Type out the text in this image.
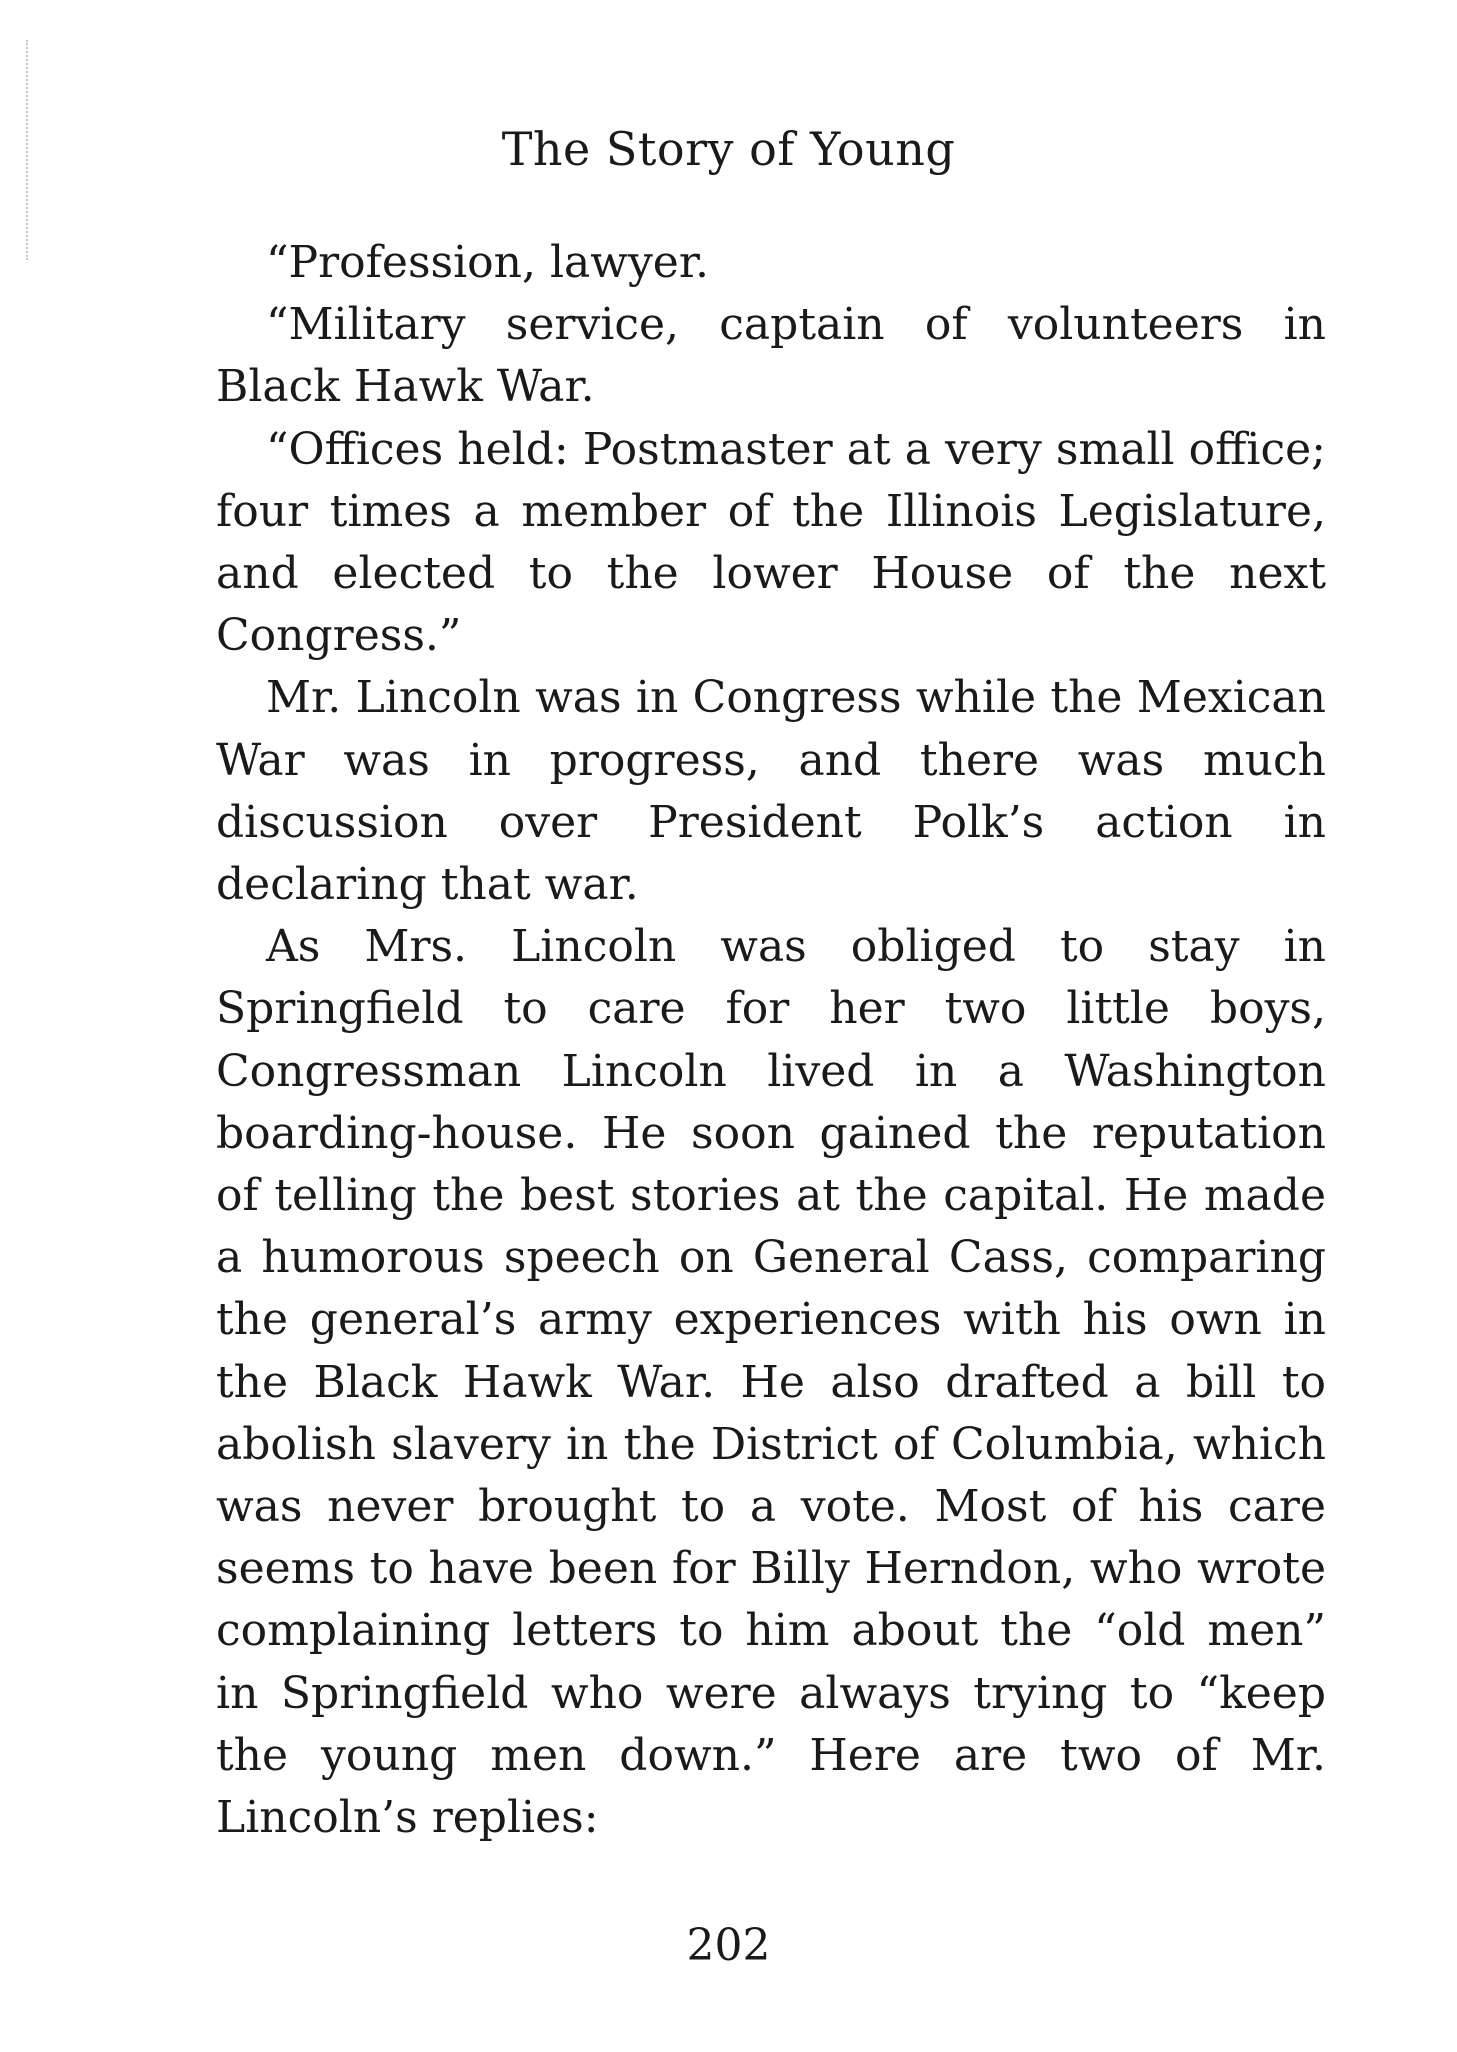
The Story of Young

“Profession, lawyer.

“Military service, captain of volunteers in Black Hawk War.

“Offices held: Postmaster at a very small office; four times a member of the Illinois Legislature, and elected to the lower House of the next Congress.”

Mr. Lincoln was in Congress while the Mexican War was in progress, and there was much discussion over President Polk’s action in declaring that war.

As Mrs. Lincoln was obliged to stay in Springfield to care for her two little boys, Congressman Lincoln lived in a Washington boarding-house. He soon gained the reputation of telling the best stories at the capital. He made a humorous speech on General Cass, comparing the general’s army experiences with his own in the Black Hawk War. He also drafted a bill to abolish slavery in the District of Columbia, which was never brought to a vote. Most of his care seems to have been for Billy Herndon, who wrote complaining letters to him about the “old men” in Springfield who were always trying to “keep the young men down.” Here are two of Mr. Lincoln’s replies:

202
